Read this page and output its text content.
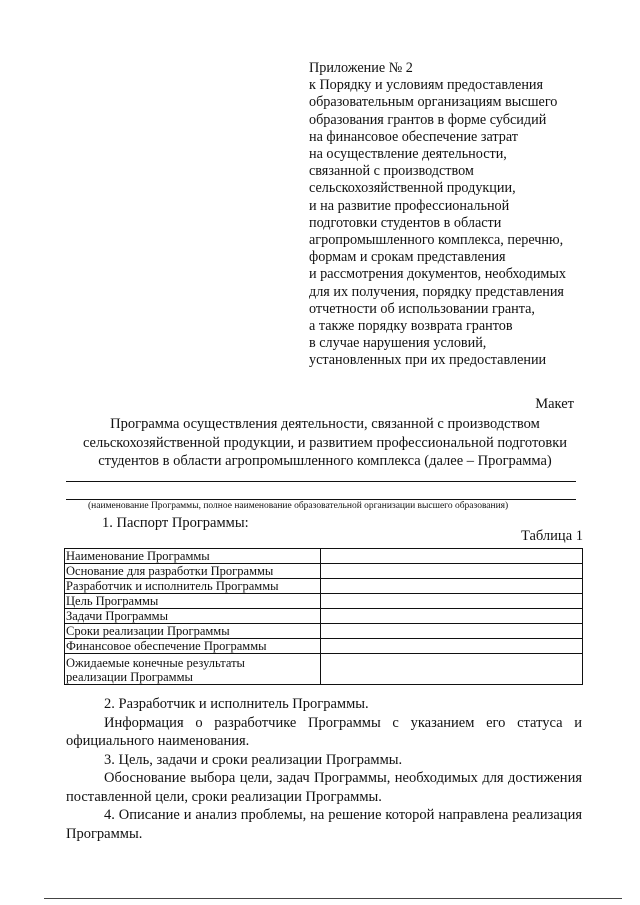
Приложение № 2
к Порядку и условиям предоставления
образовательным организациям высшего
образования грантов в форме субсидий
на финансовое обеспечение затрат
на осуществление деятельности,
связанной с производством
сельскохозяйственной продукции,
и на развитие профессиональной
подготовки студентов в области
агропромышленного комплекса, перечню,
формам и срокам представления
и рассмотрения документов, необходимых
для их получения, порядку представления
отчетности об использовании гранта,
а также порядку возврата грантов
в случае нарушения условий,
установленных при их предоставлении
Макет
Программа осуществления деятельности, связанной с производством
сельскохозяйственной продукции, и развитием профессиональной подготовки
студентов в области агропромышленного комплекса (далее – Программа)
(наименование Программы, полное наименование образовательной организации высшего образования)
1. Паспорт Программы:
Таблица 1
Наименование Программы	
Основание для разработки Программы	
Разработчик и исполнитель Программы	
Цель Программы	
Задачи Программы	
Сроки реализации Программы	
Финансовое обеспечение Программы	

Ожидаемые конечные результаты
реализации Программы	

2. Разработчик и исполнитель Программы.

Информация о разработчике Программы с указанием его статуса и официального наименования.

3. Цель, задачи и сроки реализации Программы.

Обоснование выбора цели, задач Программы, необходимых для достижения поставленной цели, сроки реализации Программы.

4. Описание и анализ проблемы, на решение которой направлена реализация Программы.
